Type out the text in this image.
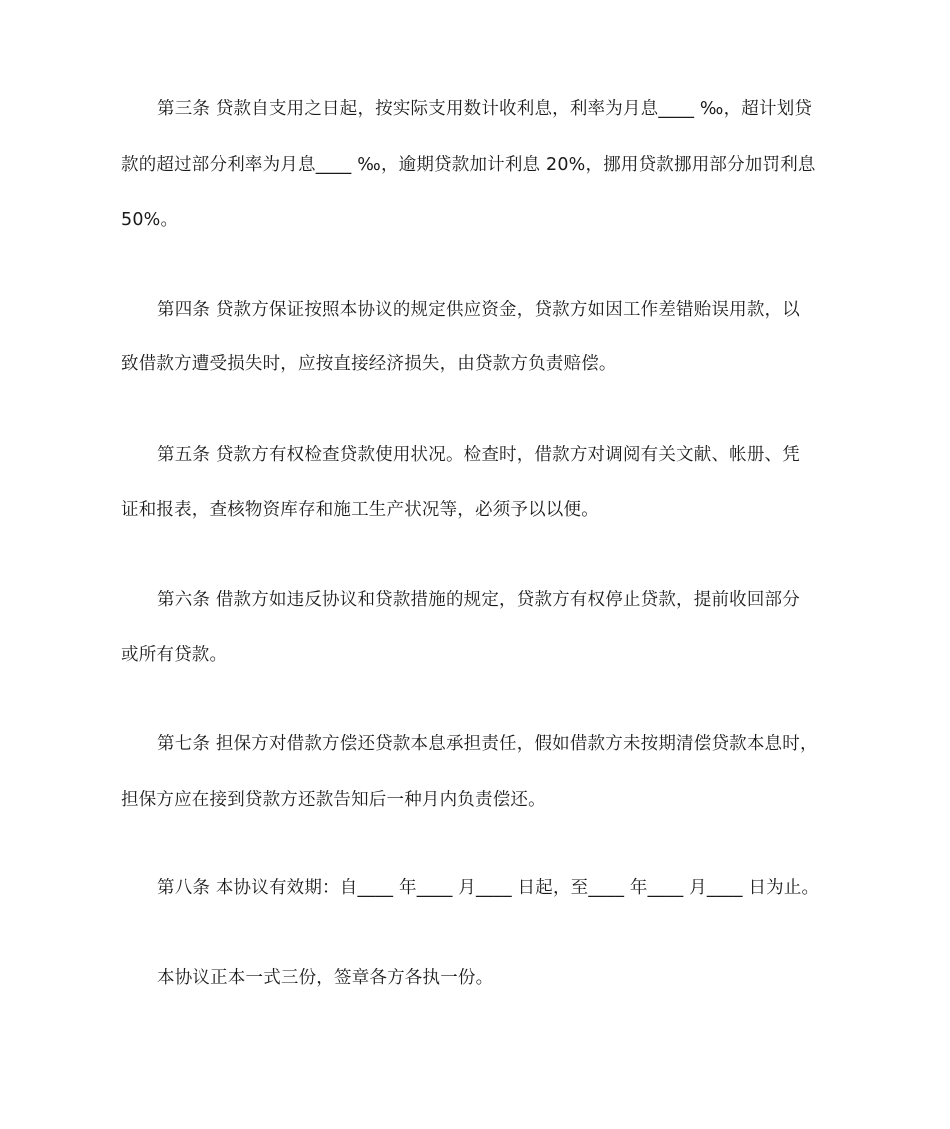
第三条 贷款自支用之日起，按实际支用数计收利息，利率为月息____ ‰，超计划贷
款的超过部分利率为月息____ ‰，逾期贷款加计利息 20%，挪用贷款挪用部分加罚利息
50%。
第四条 贷款方保证按照本协议的规定供应资金，贷款方如因工作差错贻误用款，以
致借款方遭受损失时，应按直接经济损失，由贷款方负责赔偿。
第五条 贷款方有权检查贷款使用状况。检查时，借款方对调阅有关文献、帐册、凭
证和报表，查核物资库存和施工生产状况等，必须予以以便。
第六条 借款方如违反协议和贷款措施的规定，贷款方有权停止贷款，提前收回部分
或所有贷款。
第七条 担保方对借款方偿还贷款本息承担责任，假如借款方未按期清偿贷款本息时，
担保方应在接到贷款方还款告知后一种月内负责偿还。
第八条 本协议有效期：自____ 年____ 月____ 日起，至____ 年____ 月____ 日为止。
本协议正本一式三份，签章各方各执一份。
